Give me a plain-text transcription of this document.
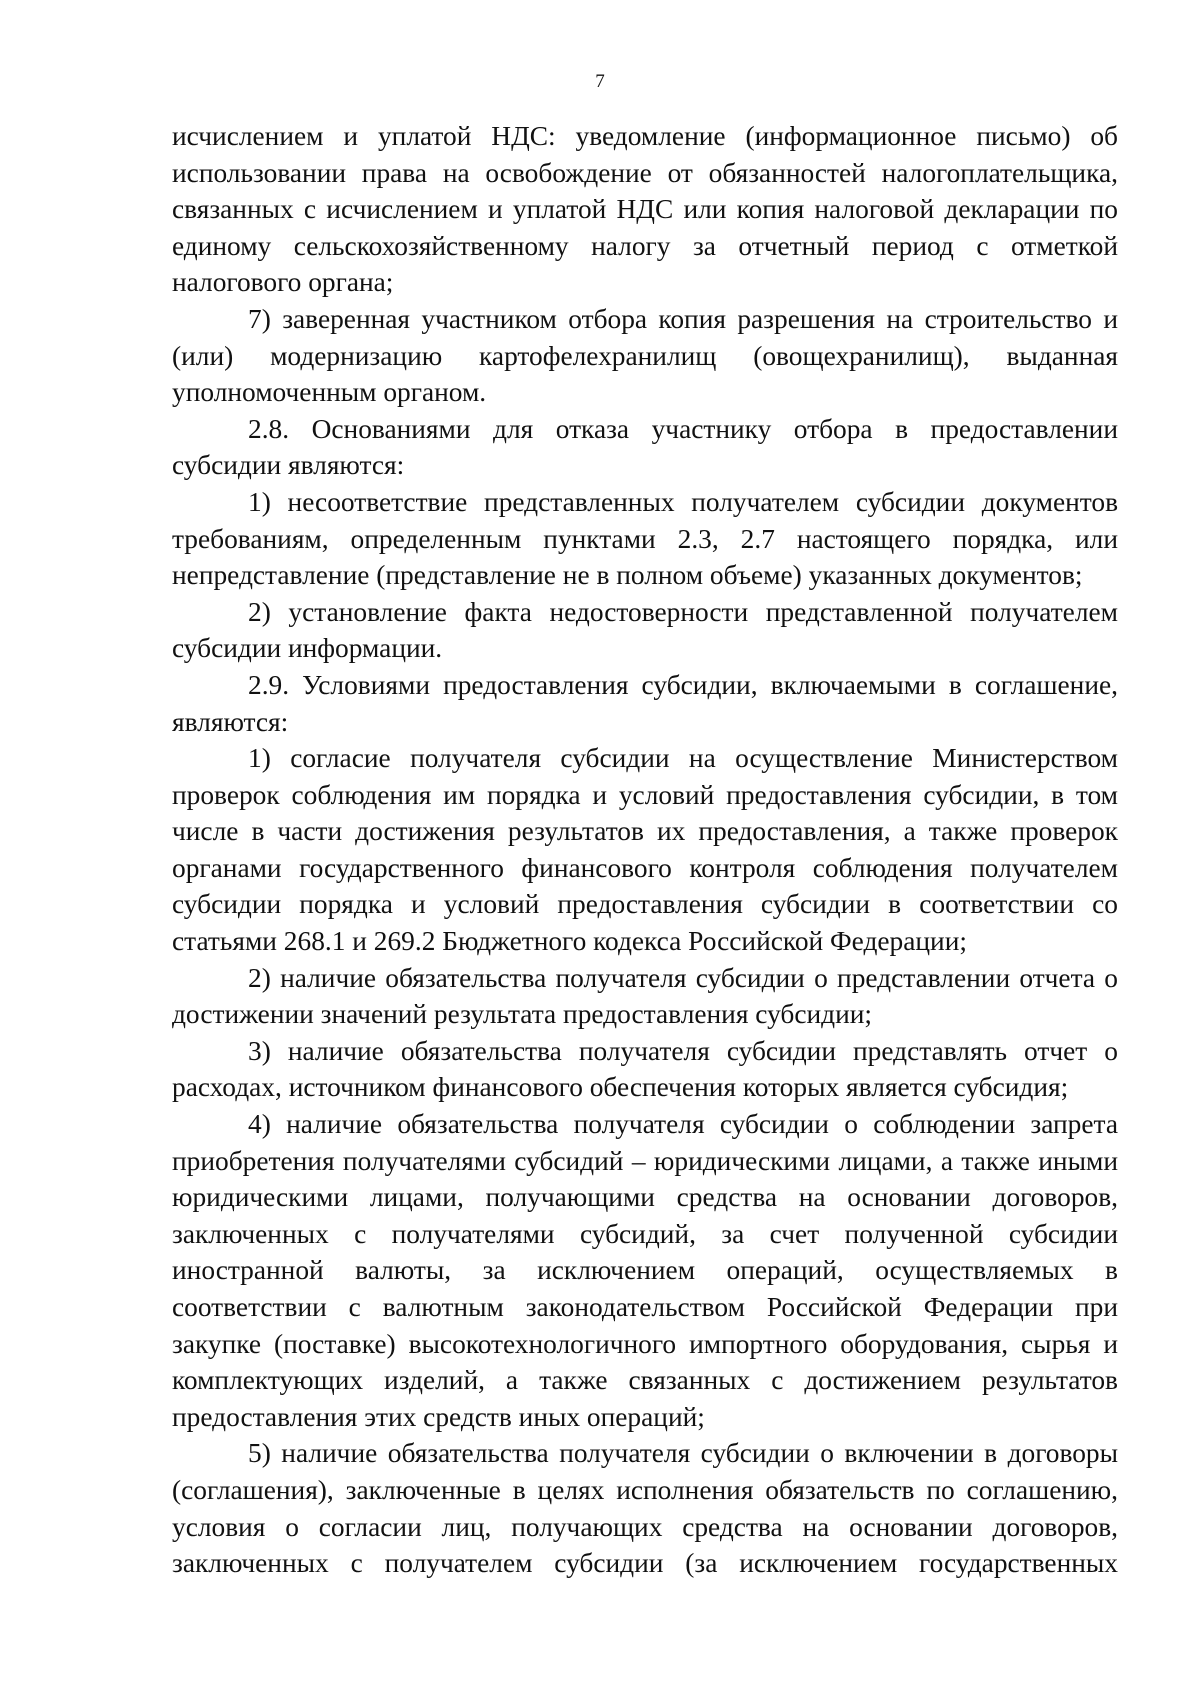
7

исчислением и уплатой НДС: уведомление (информационное письмо) об использовании права на освобождение от обязанностей налогоплательщика, связанных с исчислением и уплатой НДС или копия налоговой декларации по единому сельскохозяйственному налогу за отчетный период с отметкой налогового органа;

7) заверенная участником отбора копия разрешения на строительство и (или) модернизацию картофелехранилищ (овощехранилищ), выданная уполномоченным органом.

2.8. Основаниями для отказа участнику отбора в предоставлении субсидии являются:

1) несоответствие представленных получателем субсидии документов требованиям, определенным пунктами 2.3, 2.7 настоящего порядка, или непредставление (представление не в полном объеме) указанных документов;

2) установление факта недостоверности представленной получателем субсидии информации.

2.9. Условиями предоставления субсидии, включаемыми в соглашение, являются:

1) согласие получателя субсидии на осуществление Министерством проверок соблюдения им порядка и условий предоставления субсидии, в том числе в части достижения результатов их предоставления, а также проверок органами государственного финансового контроля соблюдения получателем субсидии порядка и условий предоставления субсидии в соответствии со статьями 268.1 и 269.2 Бюджетного кодекса Российской Федерации;

2) наличие обязательства получателя субсидии о представлении отчета о достижении значений результата предоставления субсидии;

3) наличие обязательства получателя субсидии представлять отчет о расходах, источником финансового обеспечения которых является субсидия;

4) наличие обязательства получателя субсидии о соблюдении запрета приобретения получателями субсидий – юридическими лицами, а также иными юридическими лицами, получающими средства на основании договоров, заключенных с получателями субсидий, за счет полученной субсидии иностранной валюты, за исключением операций, осуществляемых в соответствии с валютным законодательством Российской Федерации при закупке (поставке) высокотехнологичного импортного оборудования, сырья и комплектующих изделий, а также связанных с достижением результатов предоставления этих средств иных операций;

5) наличие обязательства получателя субсидии о включении в договоры (соглашения), заключенные в целях исполнения обязательств по соглашению, условия о согласии лиц, получающих средства на основании договоров, заключенных с получателем субсидии (за исключением государственных
